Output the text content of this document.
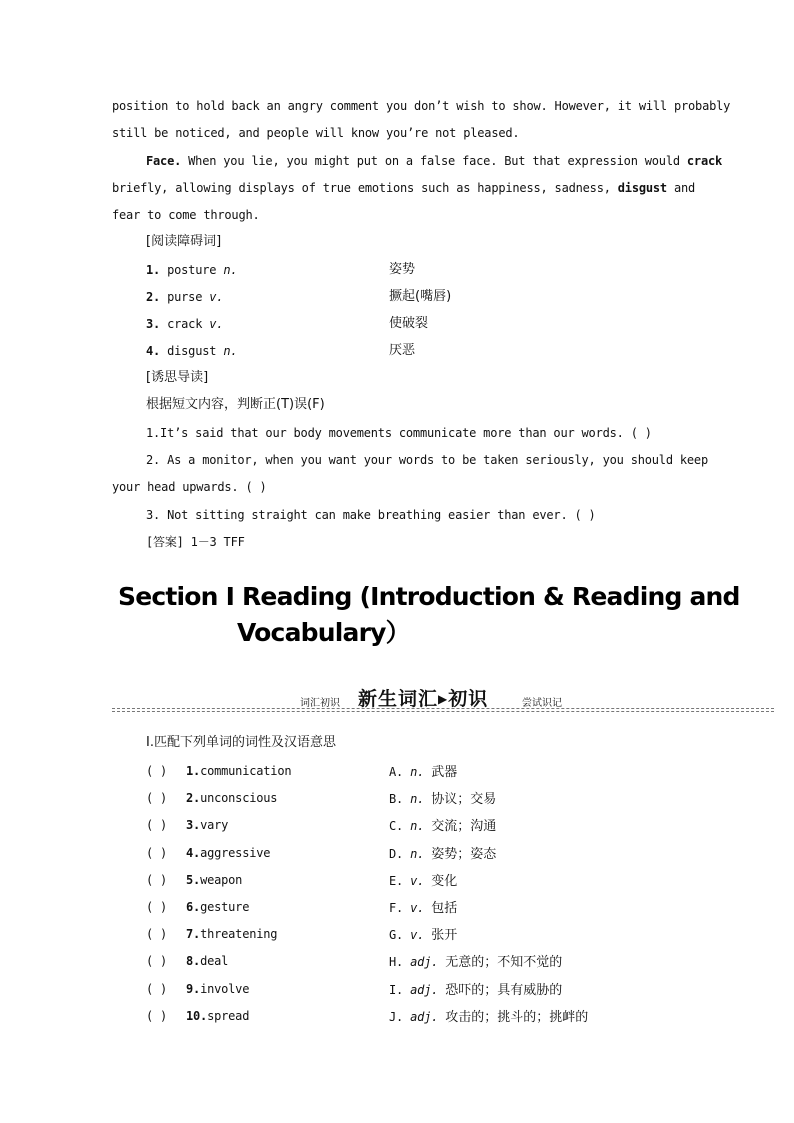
position to hold back an angry comment you don’t wish to show. However, it will probably
still be noticed, and people will know you’re not pleased.
Face. When you lie, you might put on a false face. But that expression would crack
briefly, allowing displays of true emotions such as happiness, sadness, disgust and
fear to come through.
[阅读障碍词]
1. posture n.	姿势
2. purse v.	撅起(嘴唇)
3. crack v.	使破裂
4. disgust n.	厌恶
[诱思导读]
根据短文内容，判断正(T)误(F)
1.It’s said that our body movements communicate more than our words. ( )
2. As a monitor, when you want your words to be taken seriously, you should keep
your head upwards. ( )
3. Not sitting straight can make breathing easier than ever. ( )
[答案] 1－3 TFF
Section I Reading (Introduction & Reading and
Vocabulary）
词汇初识 新生词汇▶初识	尝试识记
Ⅰ.匹配下列单词的词性及汉语意思
( ) 1.communication	A. n. 武器
( ) 2.unconscious	B. n. 协议；交易
( ) 3.vary	C. n. 交流；沟通
( ) 4.aggressive	D. n. 姿势；姿态
( ) 5.weapon	E. v. 变化
( ) 6.gesture	F. v. 包括
( ) 7.threatening	G. v. 张开
( ) 8.deal	H. adj. 无意的；不知不觉的
( ) 9.involve	I. adj. 恐吓的；具有威胁的
( ) 10.spread	J. adj. 攻击的；挑斗的；挑衅的
